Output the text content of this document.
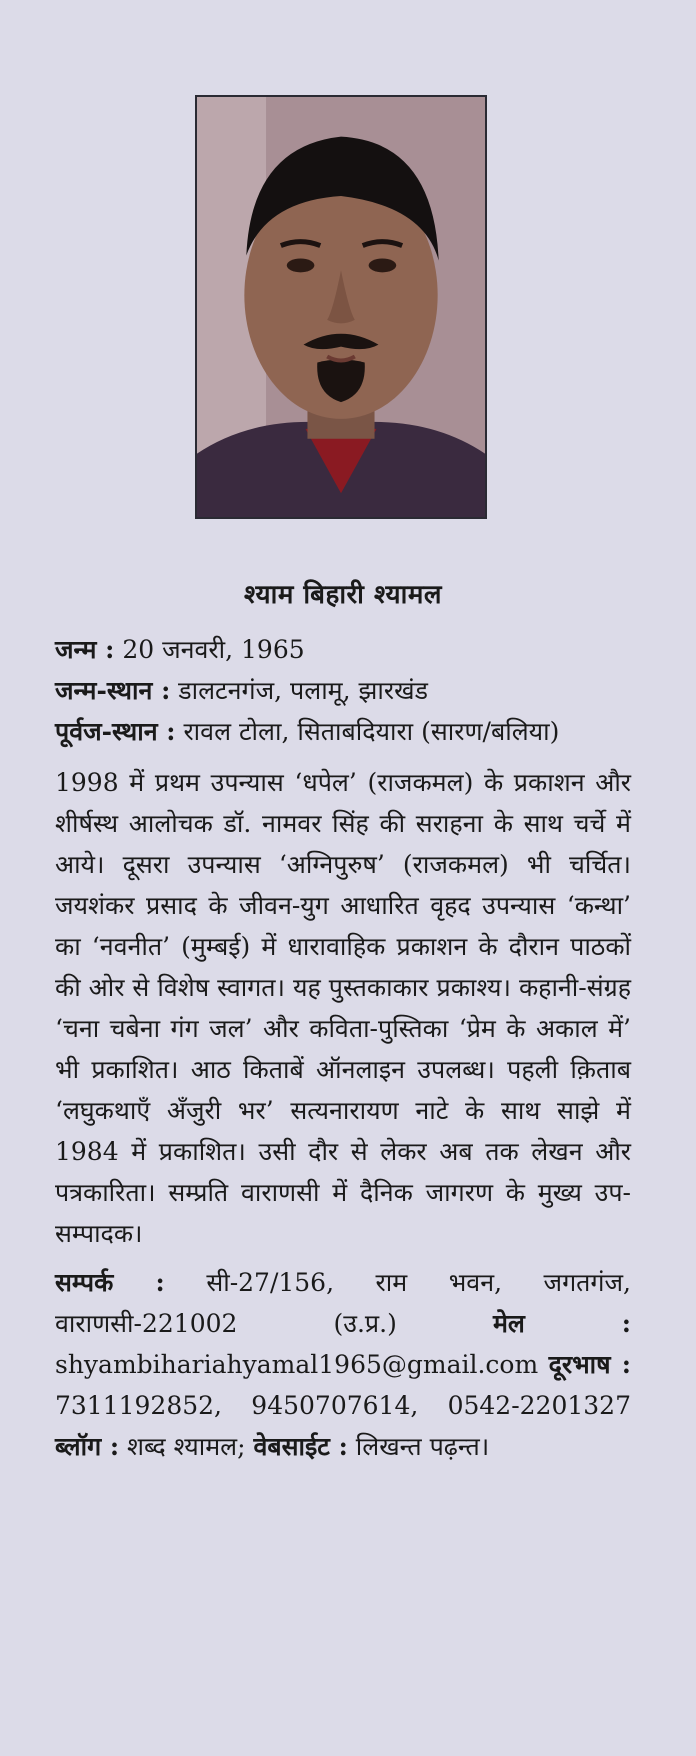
श्याम बिहारी श्यामल

जन्म : 20 जनवरी, 1965

जन्म-स्थान : डालटनगंज, पलामू, झारखंड

पूर्वज-स्थान : रावल टोला, सिताबदियारा (सारण/बलिया)

1998 में प्रथम उपन्यास ‘धपेल’ (राजकमल) के प्रकाशन और शीर्षस्थ आलोचक डॉ. नामवर सिंह की सराहना के साथ चर्चे में आये। दूसरा उपन्यास ‘अग्निपुरुष’ (राजकमल) भी चर्चित। जयशंकर प्रसाद के जीवन-युग आधारित वृहद उपन्यास ‘कन्था’ का ‘नवनीत’ (मुम्बई) में धारावाहिक प्रकाशन के दौरान पाठकों की ओर से विशेष स्वागत। यह पुस्तकाकार प्रकाश्य। कहानी-संग्रह ‘चना चबेना गंग जल’ और कविता-पुस्तिका ‘प्रेम के अकाल में’ भी प्रकाशित। आठ किताबें ऑनलाइन उपलब्ध। पहली क़िताब ‘लघुकथाएँ अँजुरी भर’ सत्यनारायण नाटे के साथ साझे में 1984 में प्रकाशित। उसी दौर से लेकर अब तक लेखन और पत्रकारिता। सम्प्रति वाराणसी में दैनिक जागरण के मुख्य उप-सम्पादक।

सम्पर्क : सी-27/156, राम भवन, जगतगंज, वाराणसी-221002 (उ.प्र.) मेल : shyambihariahyamal1965@gmail.com दूरभाष : 7311192852, 9450707614, 0542-2201327 ब्लॉग : शब्द श्यामल; वेबसाईट : लिखन्त पढ़न्त।
